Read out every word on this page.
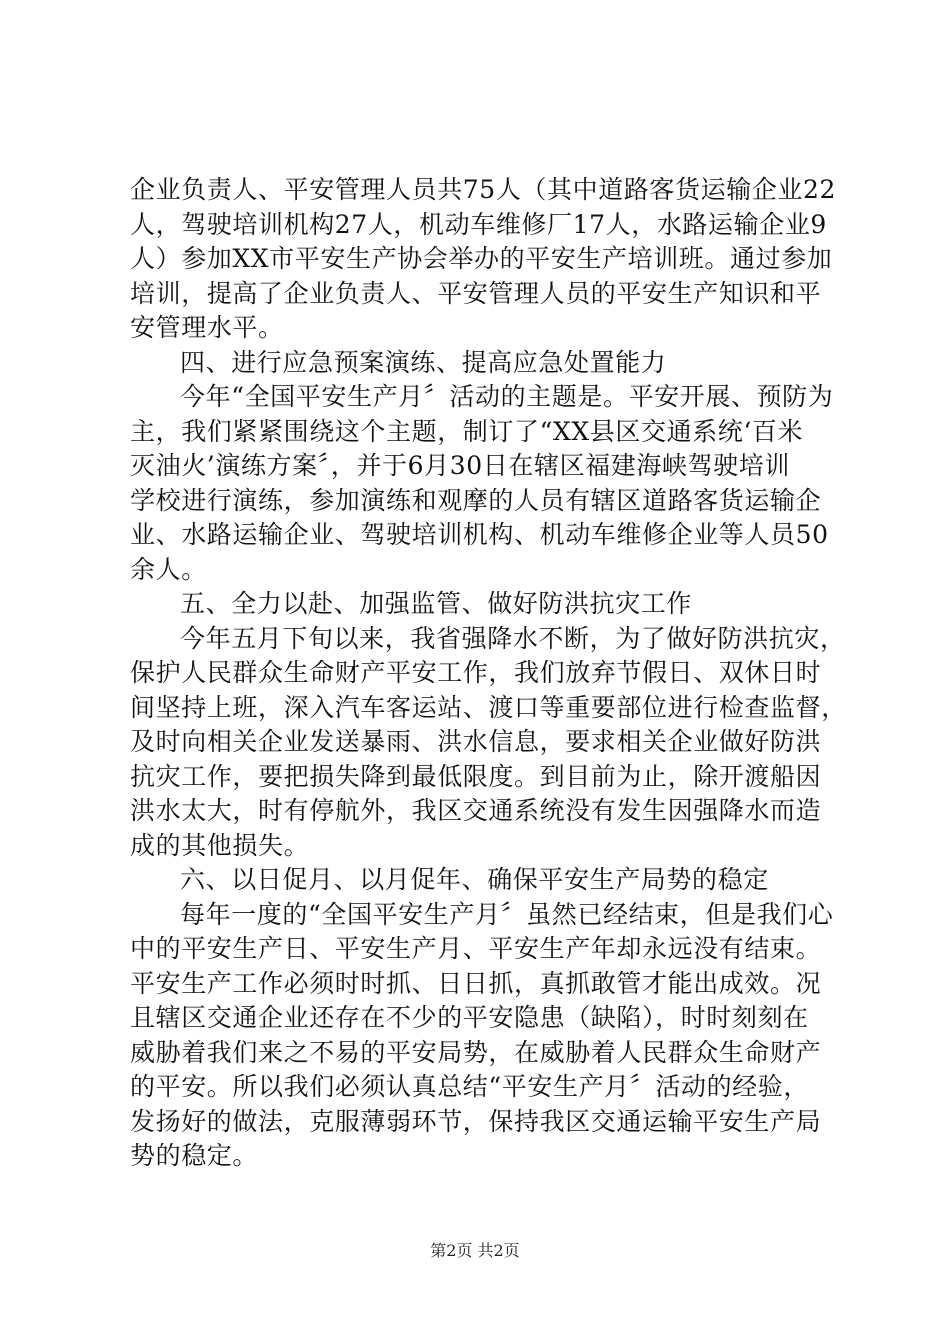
企业负责人、平安管理人员共75人（其中道路客货运输企业22
人，驾驶培训机构27人，机动车维修厂17人，水路运输企业9
人）参加XX市平安生产协会举办的平安生产培训班。通过参加
培训，提高了企业负责人、平安管理人员的平安生产知识和平
安管理水平。
四、进行应急预案演练、提高应急处置能力
今年“全国平安生产月〞活动的主题是。平安开展、预防为
主，我们紧紧围绕这个主题，制订了“XX县区交通系统‘百米
灭油火’演练方案〞，并于6月30日在辖区福建海峡驾驶培训
学校进行演练，参加演练和观摩的人员有辖区道路客货运输企
业、水路运输企业、驾驶培训机构、机动车维修企业等人员50
余人。
五、全力以赴、加强监管、做好防洪抗灾工作
今年五月下旬以来，我省强降水不断，为了做好防洪抗灾，
保护人民群众生命财产平安工作，我们放弃节假日、双休日时
间坚持上班，深入汽车客运站、渡口等重要部位进行检查监督，
及时向相关企业发送暴雨、洪水信息，要求相关企业做好防洪
抗灾工作，要把损失降到最低限度。到目前为止，除开渡船因
洪水太大，时有停航外，我区交通系统没有发生因强降水而造
成的其他损失。
六、以日促月、以月促年、确保平安生产局势的稳定
每年一度的“全国平安生产月〞虽然已经结束，但是我们心
中的平安生产日、平安生产月、平安生产年却永远没有结束。
平安生产工作必须时时抓、日日抓，真抓敢管才能出成效。况
且辖区交通企业还存在不少的平安隐患（缺陷），时时刻刻在
威胁着我们来之不易的平安局势，在威胁着人民群众生命财产
的平安。所以我们必须认真总结“平安生产月〞活动的经验，
发扬好的做法，克服薄弱环节，保持我区交通运输平安生产局
势的稳定。
第2页 共2页
